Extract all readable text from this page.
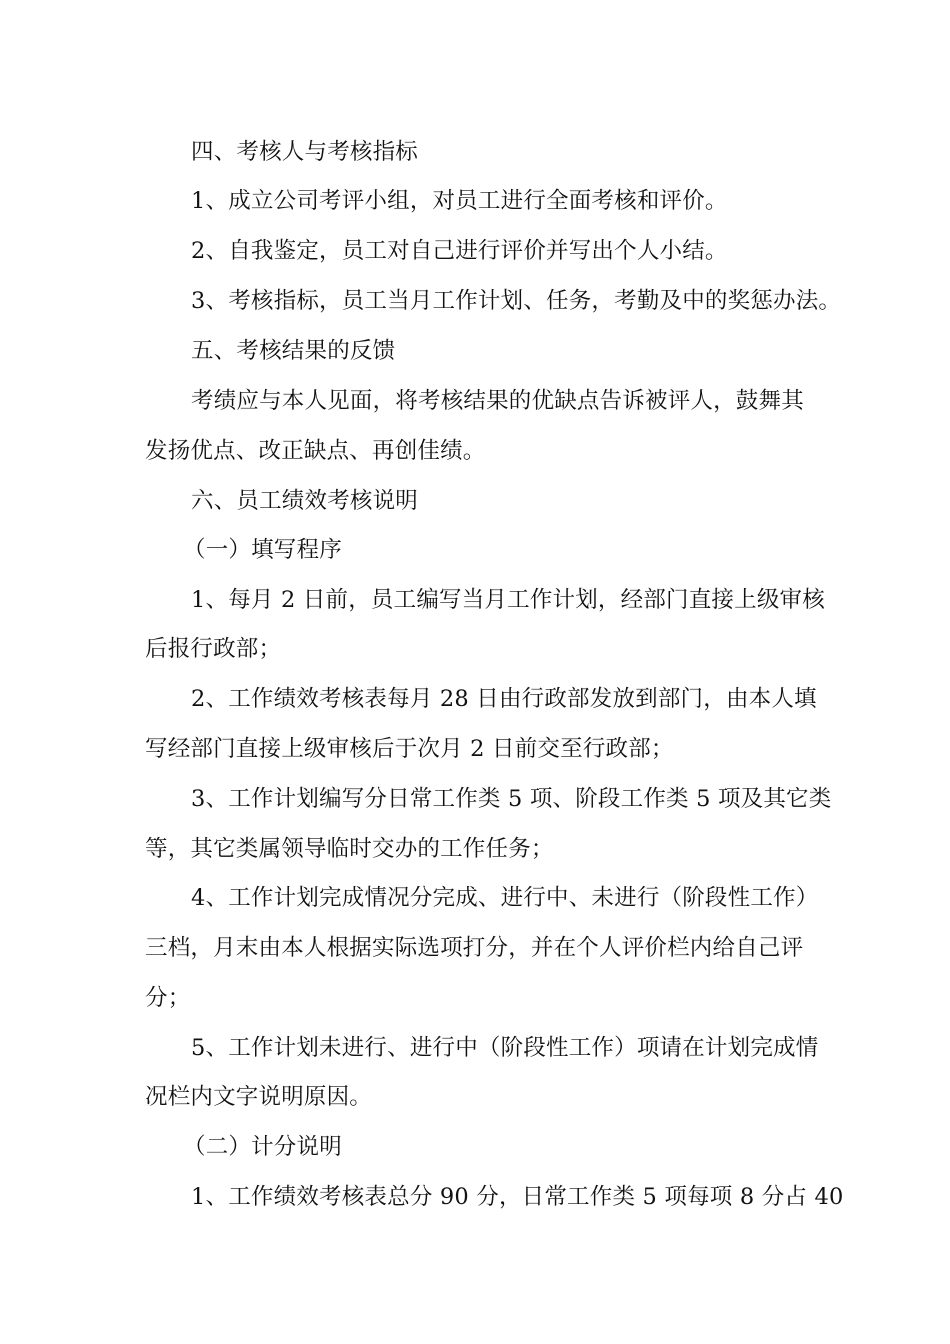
四、考核人与考核指标
1、成立公司考评小组，对员工进行全面考核和评价。
2、自我鉴定，员工对自己进行评价并写出个人小结。
3、考核指标，员工当月工作计划、任务，考勤及中的奖惩办法。
五、考核结果的反馈
考绩应与本人见面，将考核结果的优缺点告诉被评人，鼓舞其
发扬优点、改正缺点、再创佳绩。
六、员工绩效考核说明
（一）填写程序
1、每月 2 日前，员工编写当月工作计划，经部门直接上级审核
后报行政部；
2、工作绩效考核表每月 28 日由行政部发放到部门，由本人填
写经部门直接上级审核后于次月 2 日前交至行政部；
3、工作计划编写分日常工作类 5 项、阶段工作类 5 项及其它类
等，其它类属领导临时交办的工作任务；
4、工作计划完成情况分完成、进行中、未进行（阶段性工作）
三档，月末由本人根据实际选项打分，并在个人评价栏内给自己评
分；
5、工作计划未进行、进行中（阶段性工作）项请在计划完成情
况栏内文字说明原因。
（二）计分说明
1、工作绩效考核表总分 90 分，日常工作类 5 项每项 8 分占 40
